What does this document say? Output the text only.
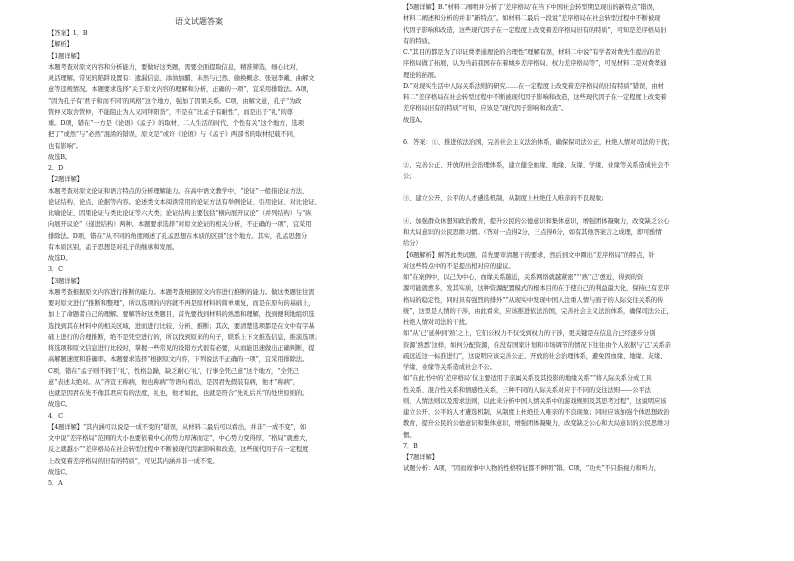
语文试题答案
【答案】1．B
【解析】
【1题详解】
本题考查对原文内容和分析能力，要做好这类题，需要全面提取信息，精准筛选，细心比对，
灵活理解。常见的陷阱设置有：遗漏信息、添油加醋、未然与已然、偷换概念、张冠李戴、曲解文
意等违规情况。本题要求选择“关于原文内容的理解和分析，正确的一项”，宜采用排除法。A项，
“因为孔子有‘君子和而不同’的风格”这个地方，强加了因果关系。C项，由解文意，孔子“为政
管仲又取舍管仲，不能阻止为人又同拜阳货”，不是在“比孟子有耐性”，而是出于“礼”的尊
重。D项，错在“一方是《论语》《孟子》的取材、二人生活的时代、个性有关”这个地方，选项
把了“或然”与“必然”混淆的错误，原文是“或许《论语》与《孟子》两部书的取材纪载不同，
也有影响”。
故选B。
2．D
【2题详解】
本题考查对原文论证和语言特点的分析理解能力。在高中语文教学中，“论证”一般指论证方法、
论证结构、论点、论据等内容。论述类文本阅读常用的论证方法有举例论证、引用论证、对比论证、
比喻论证、因果论证与类比论证等六大类；论证结构主要包括“横向展开议论”（并列结构）与“纵
向展开议论”（递进结构）两种。本题要求选择“对原文论证的相关分析，不正确的一项”，宜采用
排除法。D项，错在“从不同的角度阐述了孔孟思想在本质的区别”这个地方。其实，孔孟思想分
有本质区别，孟子思想是对孔子的继承和发展。
故选D。
3．C
【3题详解】
本题考查根据原文内容进行推断的能力。本题考查根据原文内容进行推断的能力。做这类题往往需
要对原文进行“推断和整理”，所以选项的内容就不再是原材料的简单重复，而是在原句的基础上，
加上了命题者自己的理解。要解答好这类题目，首先要找到材料的熟悉和理解，找到便利地组织选
选找到其在材料中的相关区域，进而进行比较、分析、推断；其次，要清楚选项都是在文中有字基
础上进行的合理推断，绝不是凭空进行的，所以找到原来的句子，联系上下文推选信息，推演选项；
将选项和原文信息进行比较时，掌握一些常见的设错方式很有必要，从而能迅速做出正确判断，提
高解题速度和准确率。本题要求选择“根据原文内容，下列说法不正确的一项”，宜采用排除法。
C项，错在“孟子则不拥于‘礼’，性格急躁，缺乏耐心‘礼’，行事全凭己意”这个地方，“全凭己
意”表述太绝对。从“齐宣王称病，他也称病”等语句看出，是因君先假装有病，他才“称病”，
也就是因君在先不像其君应有的法度，礼也，他才如此，也就是符合“先礼后兵”的处世原则的。
故选C。
4．C
【4题详解】“其内涵可以说是一成不变的”错误，从材料二最后可以看出，并非“一成不变”，如
文中说“差序格局”范围的大小也要依着中心的势力厚薄而定”，中心势力变得厚，“格局”就愈大，
反之就越小”“差序格局在社会转型过程中不断被现代因素影响和改造，这些现代因子在一定程度
上改变着差序格局的旧有的特质”，可见其内涵并非一成不变。
故选C。
5．A
【5题详解】B.“材料二阐明并分析了‘差序格局’在当下中国社会转型期呈现出的新特点”错误，
材料二阐述和分析的并非“新特点”。如材料二最后一段说“差序格局在社会转型过程中不断被现
代因子影响和改造，这些现代因子在一定程度上改变着差序格局旧有的特质”，可知是差序格局旧
有的特质。
C.“其目的都是为了印证费孝通理论的合理性”理解有误，材料二中说“有学者对费先生提出的差
序格局做了拓展，认为当前我国存在着城乡差序格局、权力差序格局等”，可见材料二是对费孝通
理论的拓展。
D.“对现实生活中人际关系法则的研究……在一定程度上改变着差序格局的旧有特质”错误，由材
料二“差序格局在社会转型过程中不断被现代因子影响和改造，这些现代因子在一定程度上改变着
差序格局旧有的特质”可知，应该是“现代因子影响和改造”。
故选A。
6．答案：①、推进依法治国，完善社会主义法治体系，确保保司法公正，杜绝人情对司法的干扰；
②、完善公正、开放的社会治理体系，建立健全血缘、地缘、友缘、学缘、业缘等关系造成社会不
公；
③、建立公开、公平的人才遴选机制，从制度上杜绝任人唯亲的不良现象；
④、加强群众休想知政治教育，提升公民的公德意识和集体意识，增强团体凝聚力，改变缺乏公心
和大局意识的公民思维习惯。（答对一点得2分，三点得6分，如有其他答案言之成理，即可酌情
给分）
【6题解析】解答此类试题，首先要审清题干的要求，然后到文中圈出“差序格局”的特点，针
对这些特点中的不足提出相对应的建议。
如“在案例中，以己为中心，血缘关系越近，关系网络就越紧密”“‘熟’‘己’愈近，得到的资
源可能就愈多，发其实质，这种资源配置模式的根本目的在于使自己的利益最大化，保持已有差序
格局的稳定性，同时具有强烈的排外”“从现实中发现中国人注重人情与面子的人际交往关系的传
统”，这里是人情的干涉，由此看来，应该推进依法治国，完善社会主义法治体系，确保司法公正，
杜绝人情对司法的干扰。
如“从‘已’延伸到‘熟’之上，它们公权力不仅受到权力的干涉，更关键是在信息合已经逐步分别
资源‘熟悉’这样，如何分配资源，在没有国家计划和市场调节的情况下往往由个人依据与‘己’关系亲
疏远近这一标准进行”，这说明应该完善公正、开放的社会治理体系，避免因血缘、地缘、友缘、
学缘、业缘等关系造成社会不公。
如“在此书中的‘差序格局’仅主要适用于亲属关系及其投影的地缘关系”“将人际关系分成工具
性关系、混合性关系和情感性关系，三种不同的人际关系对应于不同的交往法则——公平法
则、人情法则以及需求法则，以此来分析中国人情关系中的游戏规则及其思考过程”，这说明应该
建立公开、公平的人才遴选机制，从制度上杜绝任人唯亲的不良现象；同时应该加强个体思想政治
教育，提升公民的公德意识和集体意识，增强团体凝聚力，改变缺乏公心和大局意识的公民思维习
惯。
7．B
【7题详解】
试题分析：A项，“因而故事中人物的性格特征都不鲜明”错。C项，“功夫”不只指视力和听力，
